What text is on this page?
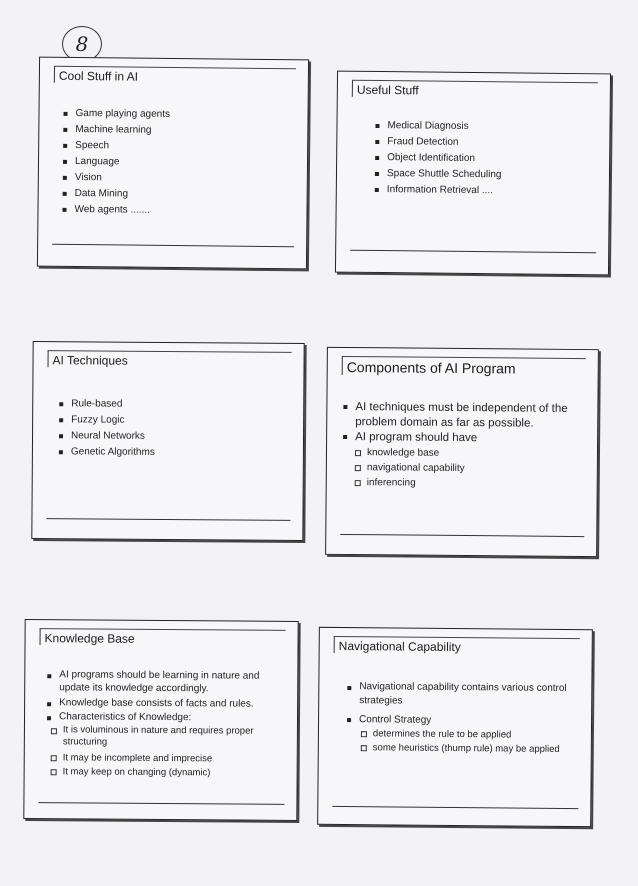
8
Cool Stuff in AI
Game playing agents
Machine learning
Speech
Language
Vision
Data Mining
Web agents .......
Useful Stuff
Medical Diagnosis
Fraud Detection
Object Identification
Space Shuttle Scheduling
Information Retrieval ....
AI Techniques
Rule-based
Fuzzy Logic
Neural Networks
Genetic Algorithms
Components of AI Program
AI techniques must be independent of the problem domain as far as possible.
AI program should have
knowledge base
navigational capability
inferencing
Knowledge Base
AI programs should be learning in nature and update its knowledge accordingly.
Knowledge base consists of facts and rules.
Characteristics of Knowledge:
It is voluminous in nature and requires proper structuring
It may be incomplete and imprecise
It may keep on changing (dynamic)
Navigational Capability
Navigational capability contains various control strategies
Control Strategy
determines the rule to be applied
some heuristics (thump rule) may be applied
